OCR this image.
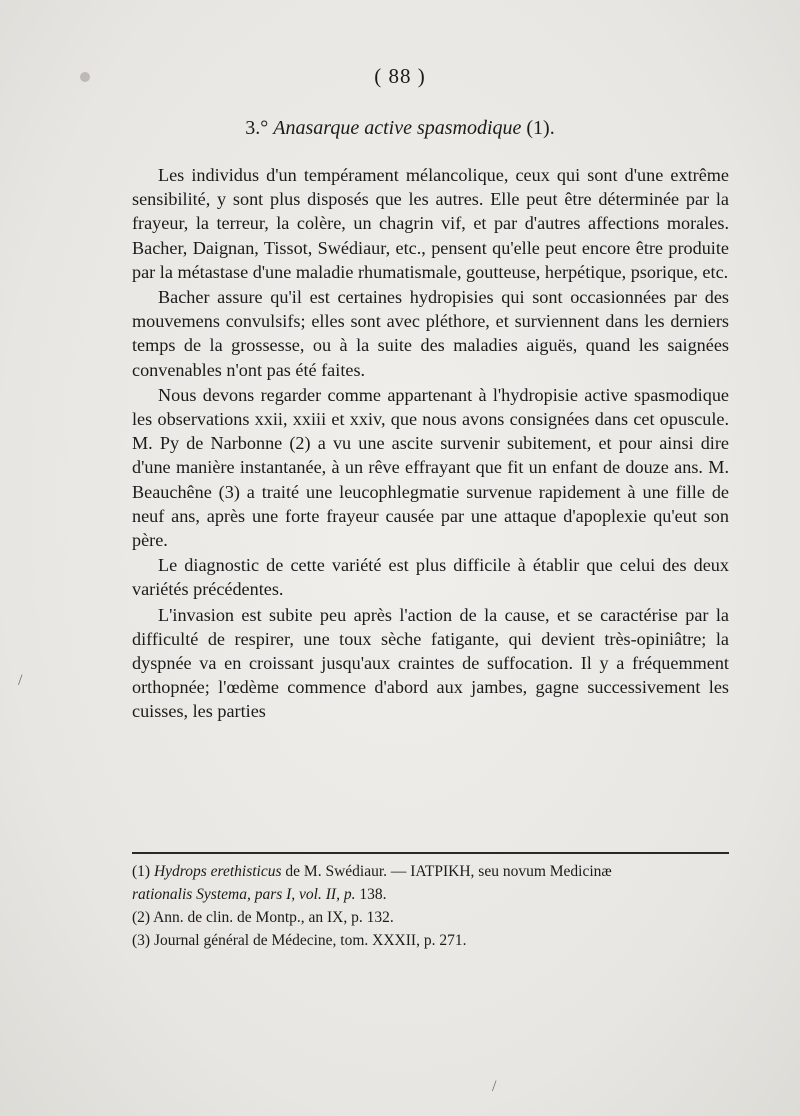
( 88 )
3.° Anasarque active spasmodique (1).

Les individus d'un tempérament mélancolique, ceux qui sont d'une extrême sensibilité, y sont plus disposés que les autres. Elle peut être déterminée par la frayeur, la terreur, la colère, un chagrin vif, et par d'autres affections morales. Bacher, Daignan, Tissot, Swédiaur, etc., pensent qu'elle peut encore être produite par la métastase d'une maladie rhumatismale, goutteuse, herpétique, psorique, etc.

Bacher assure qu'il est certaines hydropisies qui sont occasionnées par des mouvemens convulsifs; elles sont avec pléthore, et surviennent dans les derniers temps de la grossesse, ou à la suite des maladies aiguës, quand les saignées convenables n'ont pas été faites.

Nous devons regarder comme appartenant à l'hydropisie active spasmodique les observations xxii, xxiii et xxiv, que nous avons consignées dans cet opuscule. M. Py de Narbonne (2) a vu une ascite survenir subitement, et pour ainsi dire d'une manière instantanée, à un rêve effrayant que fit un enfant de douze ans. M. Beauchêne (3) a traité une leucophlegmatie survenue rapidement à une fille de neuf ans, après une forte frayeur causée par une attaque d'apoplexie qu'eut son père.

Le diagnostic de cette variété est plus difficile à établir que celui des deux variétés précédentes.

L'invasion est subite peu après l'action de la cause, et se caractérise par la difficulté de respirer, une toux sèche fatigante, qui devient très-opiniâtre; la dyspnée va en croissant jusqu'aux craintes de suffocation. Il y a fréquemment orthopnée; l'œdème commence d'abord aux jambes, gagne successivement les cuisses, les parties

(1) Hydrops erethisticus de M. Swédiaur. — ΙΑΤΡΙΚΗ, seu novum Medicinæ
rationalis Systema, pars I, vol. II, p. 138.
(2) Ann. de clin. de Montp., an IX, p. 132.
(3) Journal général de Médecine, tom. XXXII, p. 271.
/
/
